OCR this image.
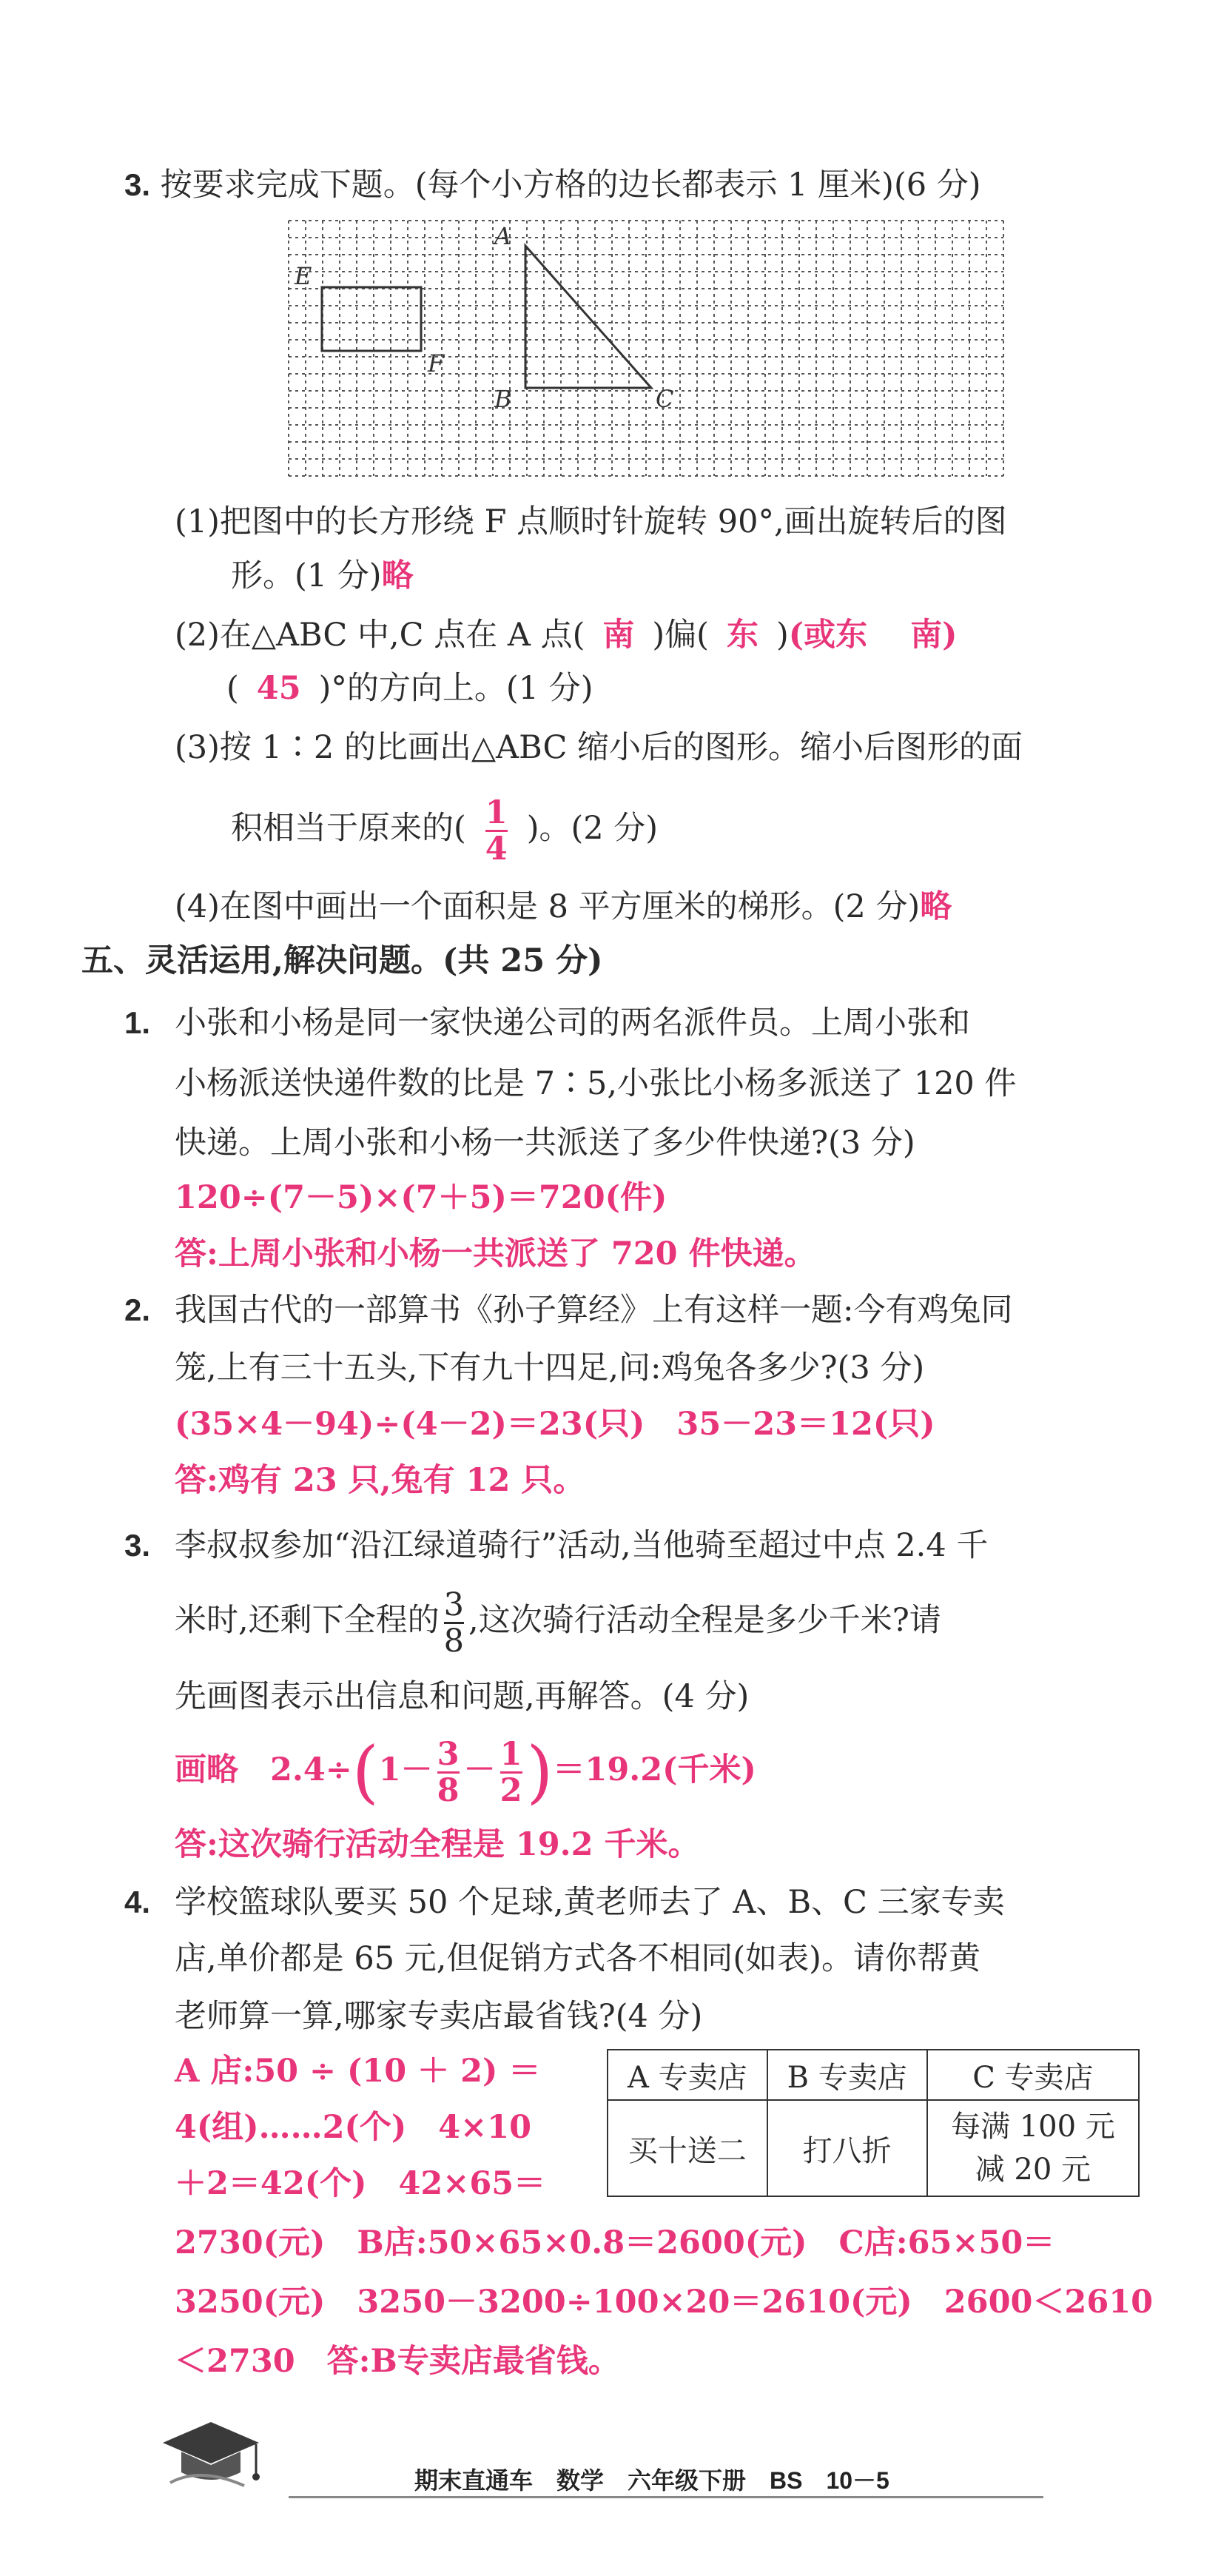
3. 按要求完成下题。(每个小方格的边长都表示 1 厘米)(6 分)
E
F
A
B	C
(1)把图中的长方形绕 F 点顺时针旋转 90°,画出旋转后的图
形。(1 分)略
(2)在△ABC 中,C 点在 A 点( 南 )偏( 东 )(或东　 南)
( 45 )°的方向上。(1 分)
(3)按 1∶2 的比画出△ABC 缩小后的图形。缩小后图形的面
积相当于原来的( $\frac{1}{4}$ )。(2 分)
(4)在图中画出一个面积是 8 平方厘米的梯形。(2 分)略
五、灵活运用,解决问题。(共 25 分)
1. 小张和小杨是同一家快递公司的两名派件员。上周小张和
小杨派送快递件数的比是 7∶5,小张比小杨多派送了 120 件
快递。上周小张和小杨一共派送了多少件快递?(3 分)
120÷(7－5)×(7＋5)＝720(件)
答:上周小张和小杨一共派送了 720 件快递。
2. 我国古代的一部算书《孙子算经》上有这样一题:今有鸡兔同
笼,上有三十五头,下有九十四足,问:鸡兔各多少?(3 分)
(35×4－94)÷(4－2)＝23(只)　35－23＝12(只)
答:鸡有 23 只,兔有 12 只。
3. 李叔叔参加“沿江绿道骑行”活动,当他骑至超过中点 2.4 千
米时,还剩下全程的 $\frac{3}{8}$ ,这次骑行活动全程是多少千米?请
先画图表示出信息和问题,再解答。(4 分)
画略　$2.4\div(1- \frac{3}{8} - \frac{1}{2} )=19.2$(千米)
答:这次骑行活动全程是 19.2 千米。
4. 学校篮球队要买 50 个足球,黄老师去了 A、B、C 三家专卖
店,单价都是 65 元,但促销方式各不相同(如表)。请你帮黄
老师算一算,哪家专卖店最省钱?(4 分)
A 店:50 ÷ (10 ＋ 2) ＝
4(组)……2(个)　4×10
＋2＝42(个)　42×65＝
2730(元)　B店:50×65×0.8＝2600(元)　C店:65×50＝
3250(元)　3250－3200÷100×20＝2610(元)　2600＜2610
＜2730　答:B专卖店最省钱。
A 专卖店	B 专卖店	C 专卖店
买十送二	打八折	每满 100 元
减 20 元
期末直通车　数学　六年级下册　BS　10－5
